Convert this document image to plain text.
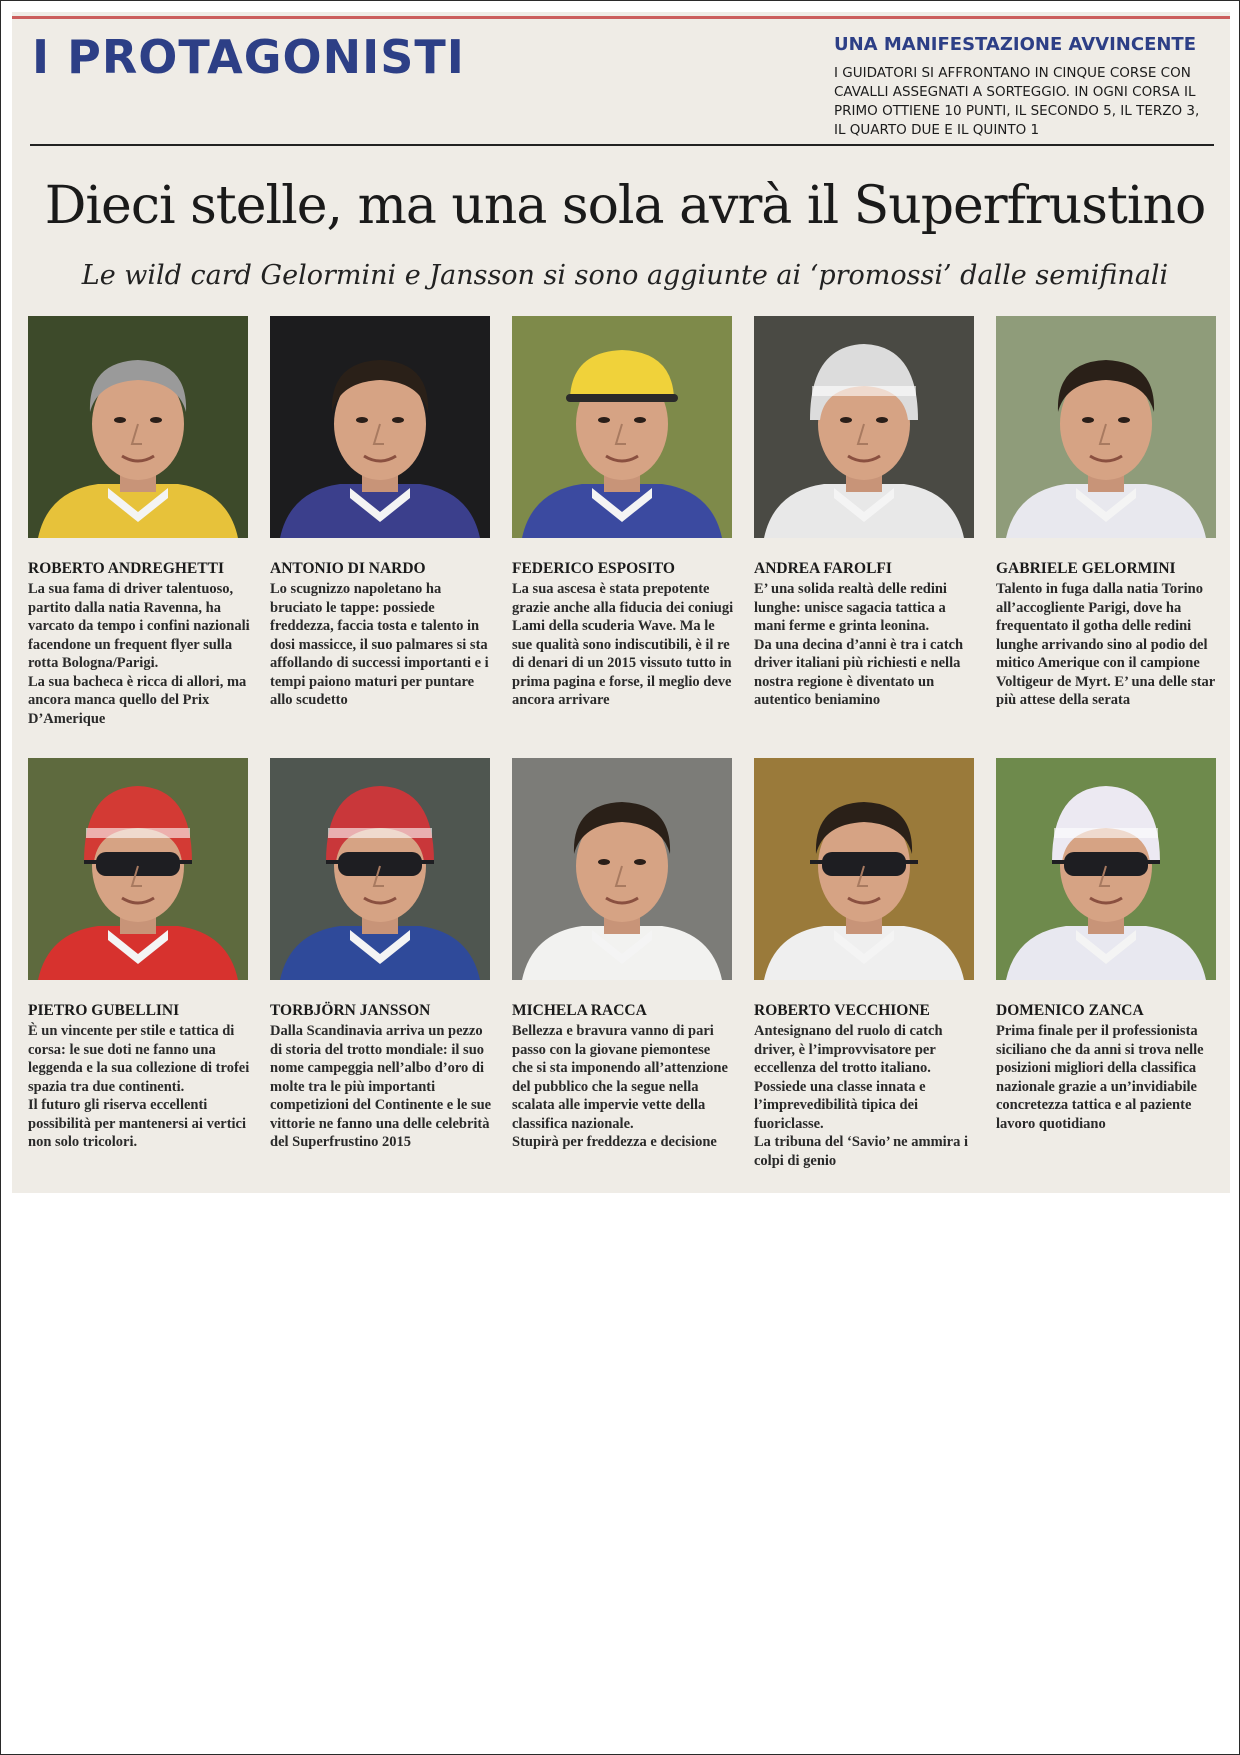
I PROTAGONISTI	UNA MANIFESTAZIONE AVVINCENTE
I GUIDATORI SI AFFRONTANO IN CINQUE CORSE CON CAVALLI ASSEGNATI A SORTEGGIO. IN OGNI CORSA IL PRIMO OTTIENE 10 PUNTI, IL SECONDO 5, IL TERZO 3, IL QUARTO DUE E IL QUINTO 1
Dieci stelle, ma una sola avrà il Superfrustino
Le wild card Gelormini e Jansson si sono aggiunte ai ‘promossi’ dalle semifinali
ROBERTO ANDREGHETTI

La sua fama di driver talentuoso, partito dalla natia Ravenna, ha varcato da tempo i confini nazionali facendone un frequent flyer sulla rotta Bologna/Parigi.

La sua bacheca è ricca di allori, ma ancora manca quello del Prix D’Amerique

ANTONIO DI NARDO

Lo scugnizzo napoletano ha bruciato le tappe: possiede freddezza, faccia tosta e talento in dosi massicce, il suo palmares si sta affollando di successi importanti e i tempi paiono maturi per puntare allo scudetto

FEDERICO ESPOSITO

La sua ascesa è stata prepotente grazie anche alla fiducia dei coniugi Lami della scuderia Wave. Ma le sue qualità sono indiscutibili, è il re di denari di un 2015 vissuto tutto in prima pagina e forse, il meglio deve ancora arrivare

ANDREA FAROLFI

E’ una solida realtà delle redini lunghe: unisce sagacia tattica a mani ferme e grinta leonina.

Da una decina d’anni è tra i catch driver italiani più richiesti e nella nostra regione è diventato un autentico beniamino

GABRIELE GELORMINI

Talento in fuga dalla natia Torino all’accogliente Parigi, dove ha frequentato il gotha delle redini lunghe arrivando sino al podio del mitico Amerique con il campione Voltigeur de Myrt. E’ una delle star più attese della serata

PIETRO GUBELLINI

È un vincente per stile e tattica di corsa: le sue doti ne fanno una leggenda e la sua collezione di trofei spazia tra due continenti.

Il futuro gli riserva eccellenti possibilità per mantenersi ai vertici non solo tricolori.

TORBJÖRN JANSSON

Dalla Scandinavia arriva un pezzo di storia del trotto mondiale: il suo nome campeggia nell’albo d’oro di molte tra le più importanti competizioni del Continente e le sue vittorie ne fanno una delle celebrità del Superfrustino 2015

MICHELA RACCA

Bellezza e bravura vanno di pari passo con la giovane piemontese che si sta imponendo all’attenzione del pubblico che la segue nella scalata alle impervie vette della classifica nazionale.

Stupirà per freddezza e decisione

ROBERTO VECCHIONE

Antesignano del ruolo di catch driver, è l’improvvisatore per eccellenza del trotto italiano.

Possiede una classe innata e l’imprevedibilità tipica dei fuoriclasse.

La tribuna del ‘Savio’ ne ammira i colpi di genio

DOMENICO ZANCA

Prima finale per il professionista siciliano che da anni si trova nelle posizioni migliori della classifica nazionale grazie a un’invidiabile concretezza tattica e al paziente lavoro quotidiano
